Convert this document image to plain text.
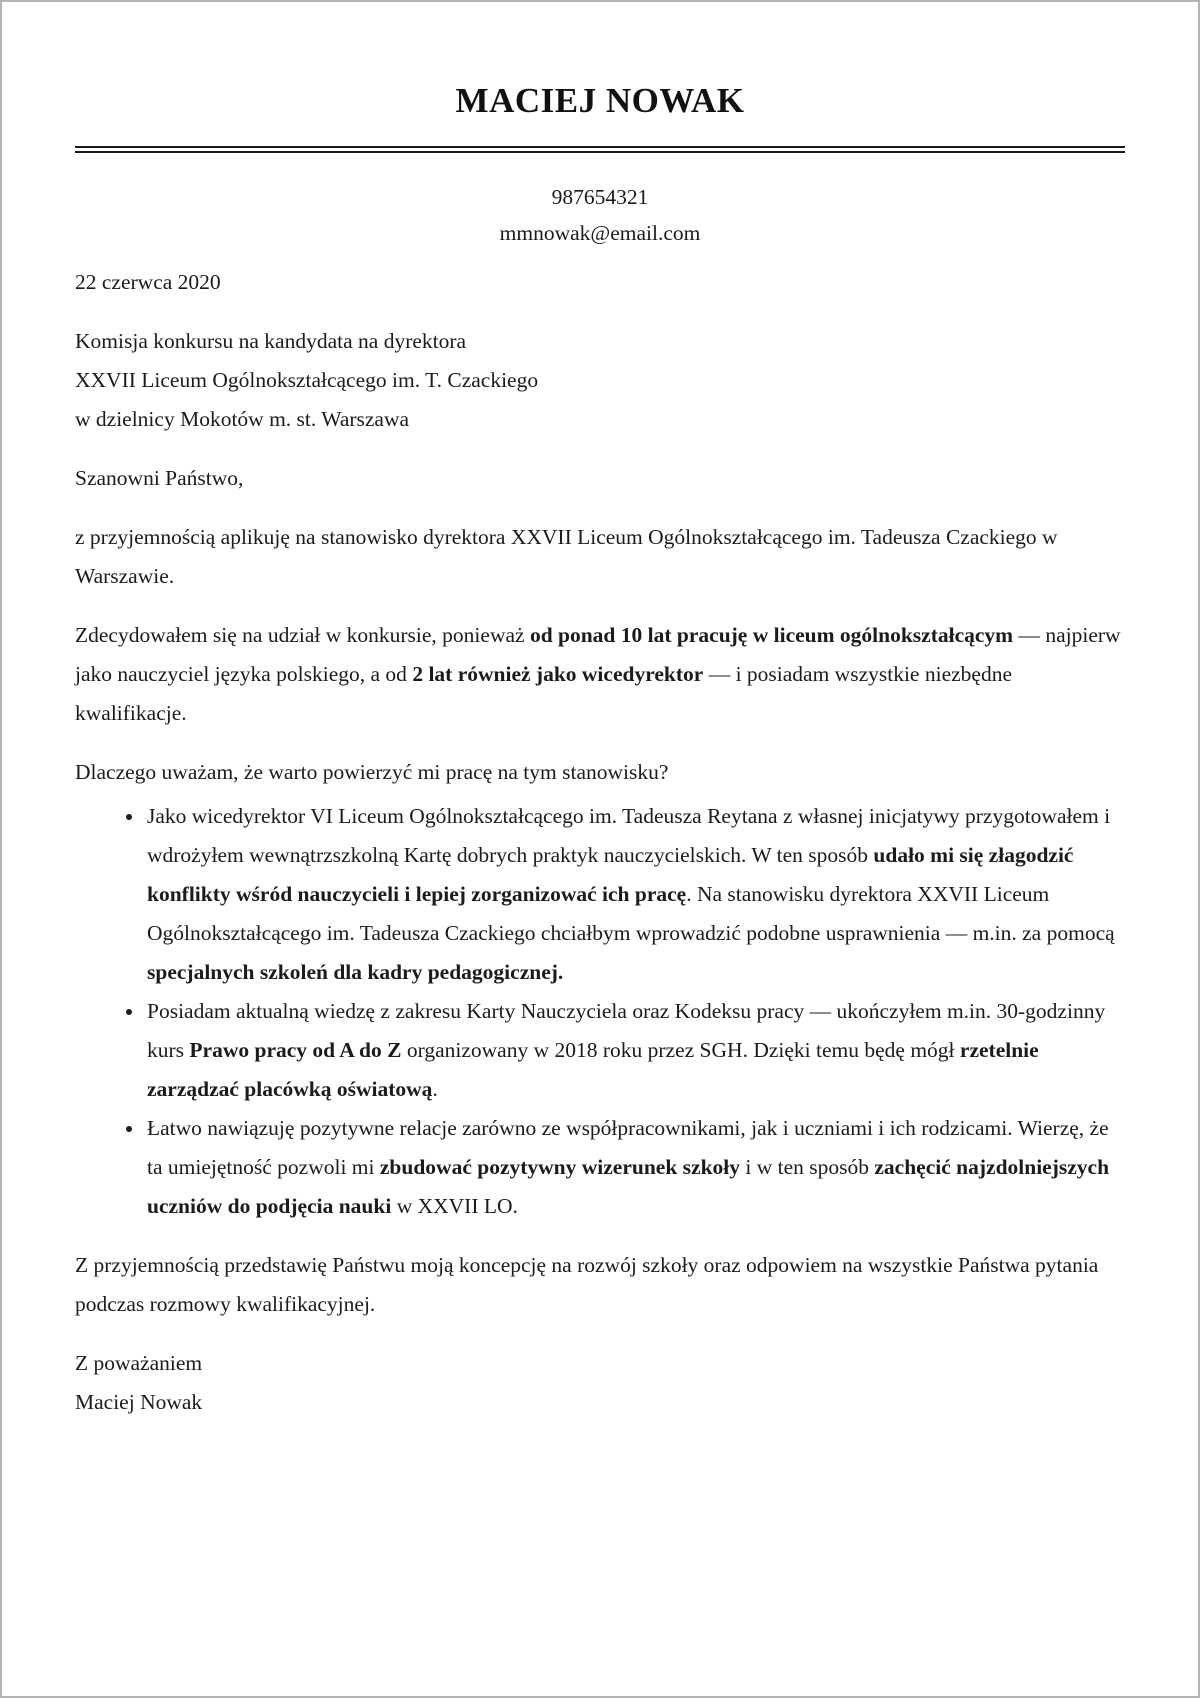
MACIEJ NOWAK

987654321

mmnowak@email.com

22 czerwca 2020

Komisja konkursu na kandydata na dyrektora

XXVII Liceum Ogólnokształcącego im. T. Czackiego

w dzielnicy Mokotów m. st. Warszawa

Szanowni Państwo,

z przyjemnością aplikuję na stanowisko dyrektora XXVII Liceum Ogólnokształcącego im. Tadeusza Czackiego w Warszawie.

Zdecydowałem się na udział w konkursie, ponieważ od ponad 10 lat pracuję w liceum ogólnokształcącym — najpierw jako nauczyciel języka polskiego, a od 2 lat również jako wicedyrektor — i posiadam wszystkie niezbędne kwalifikacje.

Dlaczego uważam, że warto powierzyć mi pracę na tym stanowisku?

• Jako wicedyrektor VI Liceum Ogólnokształcącego im. Tadeusza Reytana z własnej inicjatywy przygotowałem i wdrożyłem wewnątrzszkolną Kartę dobrych praktyk nauczycielskich. W ten sposób udało mi się złagodzić konflikty wśród nauczycieli i lepiej zorganizować ich pracę. Na stanowisku dyrektora XXVII Liceum Ogólnokształcącego im. Tadeusza Czackiego chciałbym wprowadzić podobne usprawnienia — m.in. za pomocą specjalnych szkoleń dla kadry pedagogicznej.
• Posiadam aktualną wiedzę z zakresu Karty Nauczyciela oraz Kodeksu pracy — ukończyłem m.in. 30-godzinny kurs Prawo pracy od A do Z organizowany w 2018 roku przez SGH. Dzięki temu będę mógł rzetelnie zarządzać placówką oświatową.
• Łatwo nawiązuję pozytywne relacje zarówno ze współpracownikami, jak i uczniami i ich rodzicami. Wierzę, że ta umiejętność pozwoli mi zbudować pozytywny wizerunek szkoły i w ten sposób zachęcić najzdolniejszych uczniów do podjęcia nauki w XXVII LO.

Z przyjemnością przedstawię Państwu moją koncepcję na rozwój szkoły oraz odpowiem na wszystkie Państwa pytania podczas rozmowy kwalifikacyjnej.

Z poważaniem

Maciej Nowak
